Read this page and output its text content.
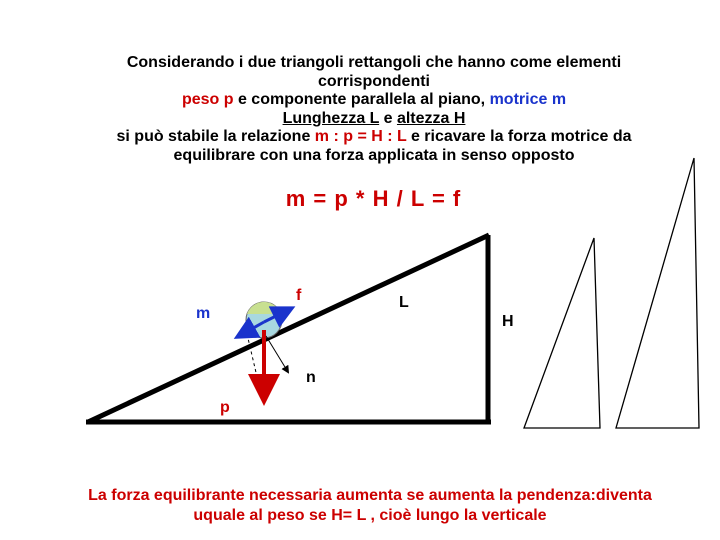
Considerando i due triangoli rettangoli che hanno come elementi
corrispondenti
peso p e componente parallela al piano, motrice m
Lunghezza L e altezza H
si può stabile la relazione m : p = H : L e ricavare la forza motrice da
equilibrare con una forza applicata in senso opposto
m = p * H / L = f
f	L
m	H
n
p
La forza equilibrante necessaria aumenta se aumenta la pendenza:diventa
uquale al peso se H= L , cioè lungo la verticale
